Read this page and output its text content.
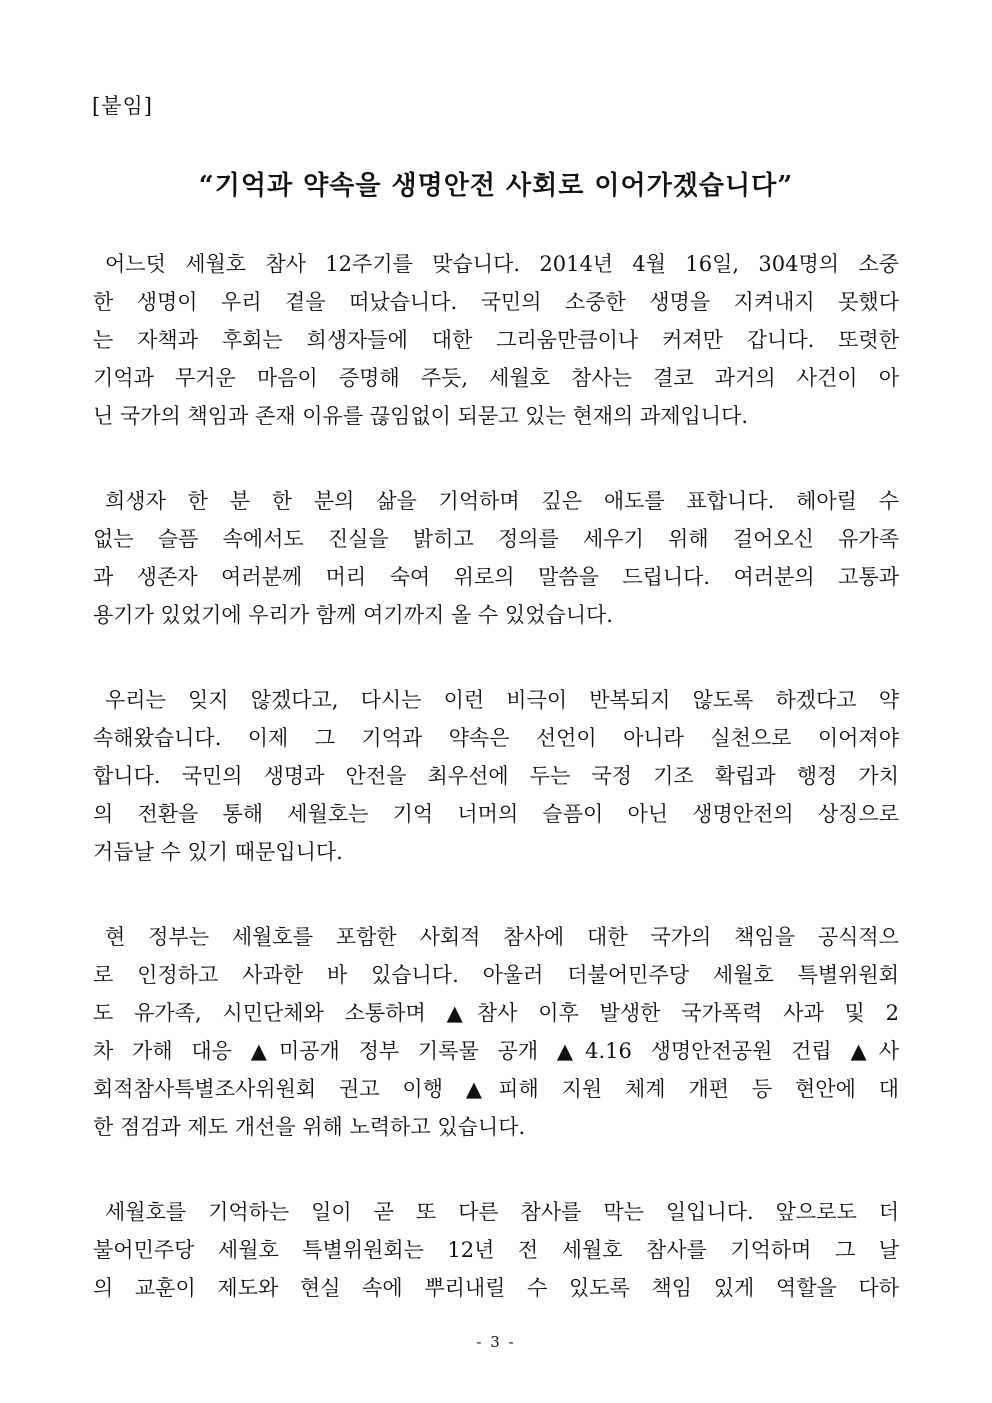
[붙임]
“기억과 약속을 생명안전 사회로 이어가겠습니다”
어느덧 세월호 참사 12주기를 맞습니다. 2014년 4월 16일, 304명의 소중
한 생명이 우리 곁을 떠났습니다. 국민의 소중한 생명을 지켜내지 못했다
는 자책과 후회는 희생자들에 대한 그리움만큼이나 커져만 갑니다. 또렷한
기억과 무거운 마음이 증명해 주듯, 세월호 참사는 결코 과거의 사건이 아
닌 국가의 책임과 존재 이유를 끊임없이 되묻고 있는 현재의 과제입니다.
희생자 한 분 한 분의 삶을 기억하며 깊은 애도를 표합니다. 헤아릴 수
없는 슬픔 속에서도 진실을 밝히고 정의를 세우기 위해 걸어오신 유가족
과 생존자 여러분께 머리 숙여 위로의 말씀을 드립니다. 여러분의 고통과
용기가 있었기에 우리가 함께 여기까지 올 수 있었습니다.
우리는 잊지 않겠다고, 다시는 이런 비극이 반복되지 않도록 하겠다고 약
속해왔습니다. 이제 그 기억과 약속은 선언이 아니라 실천으로 이어져야
합니다. 국민의 생명과 안전을 최우선에 두는 국정 기조 확립과 행정 가치
의 전환을 통해 세월호는 기억 너머의 슬픔이 아닌 생명안전의 상징으로
거듭날 수 있기 때문입니다.
현 정부는 세월호를 포함한 사회적 참사에 대한 국가의 책임을 공식적으
로 인정하고 사과한 바 있습니다. 아울러 더불어민주당 세월호 특별위원회
도 유가족, 시민단체와 소통하며 ▲참사 이후 발생한 국가폭력 사과 및 2
차 가해 대응 ▲미공개 정부 기록물 공개 ▲4.16 생명안전공원 건립 ▲사
회적참사특별조사위원회 권고 이행 ▲피해 지원 체계 개편 등 현안에 대
한 점검과 제도 개선을 위해 노력하고 있습니다.
세월호를 기억하는 일이 곧 또 다른 참사를 막는 일입니다. 앞으로도 더
불어민주당 세월호 특별위원회는 12년 전 세월호 참사를 기억하며 그 날
의 교훈이 제도와 현실 속에 뿌리내릴 수 있도록 책임 있게 역할을 다하
- 3 -
